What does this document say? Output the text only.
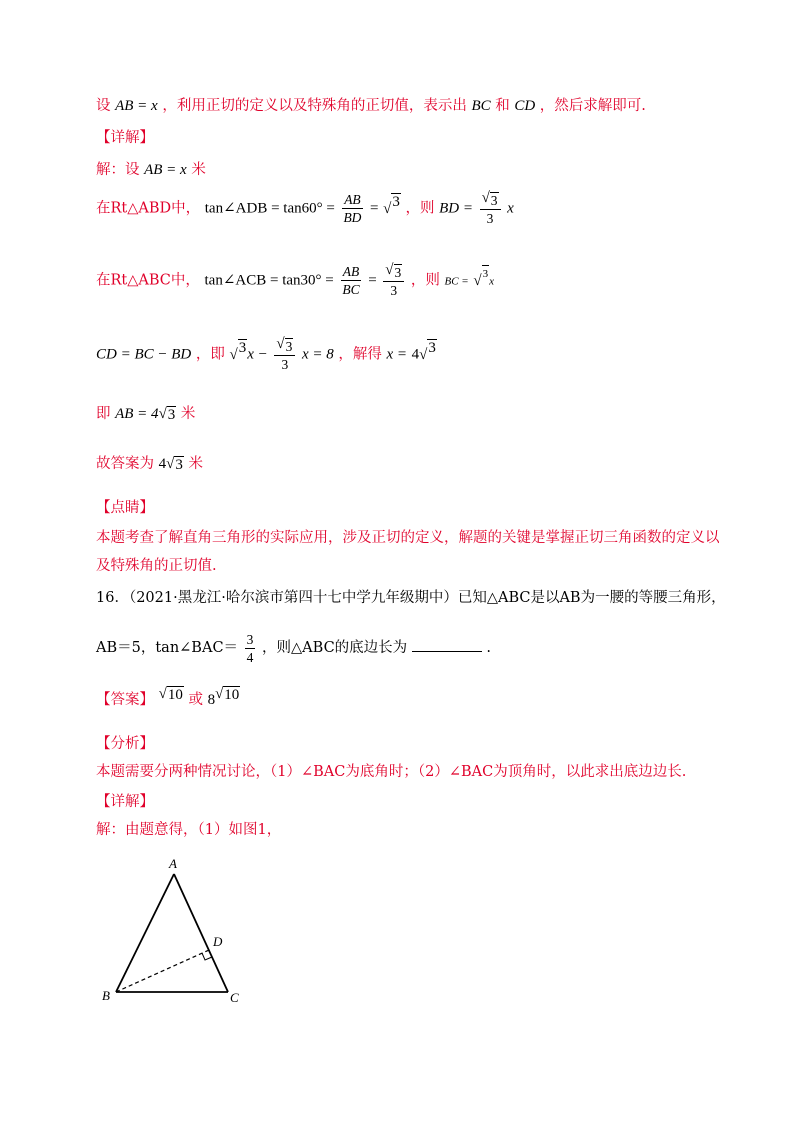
设 AB = x ，利用正切的定义以及特殊角的正切值，表示出 BC 和 CD ，然后求解即可.
【详解】
解：设 AB = x 米
在Rt△ABD中， tan∠ADB = $\tan 60^\circ = \frac{AB}{BD}$ = √ 3 ，则 BD = $\frac{√ 3}{3}$ x
在Rt△ABC中， tan∠ACB = $\tan 30^\circ = \frac{AB}{BC} = \frac{√ 3}{3}$ ，则 BC = √ 3
x
CD = BC − BD ，即 √ 3 $x - \frac{√ 3}{3}$ x = 8 ，解得 x = 4 √ 3
即 AB = 4 √ 3 米
故答案为 4 √ 3 米
【点睛】
本题考查了解直角三角形的实际应用，涉及正切的定义，解题的关键是掌握正切三角函数的定义以
及特殊角的正切值.
16．（2021·黑龙江·哈尔滨市第四十七中学九年级期中）已知△ABC是以AB为一腰的等腰三角形，
AB＝5，tan∠BAC＝ $\frac{3}{4}$ ，则△ABC的底边长为	.
【答案】 √ 10 或 8 √ 10
【分析】
本题需要分两种情况讨论，（1）∠BAC为底角时；（2）∠BAC为顶角时，以此求出底边边长.
【详解】
解：由题意得，（1）如图1，
A
B	C
D
